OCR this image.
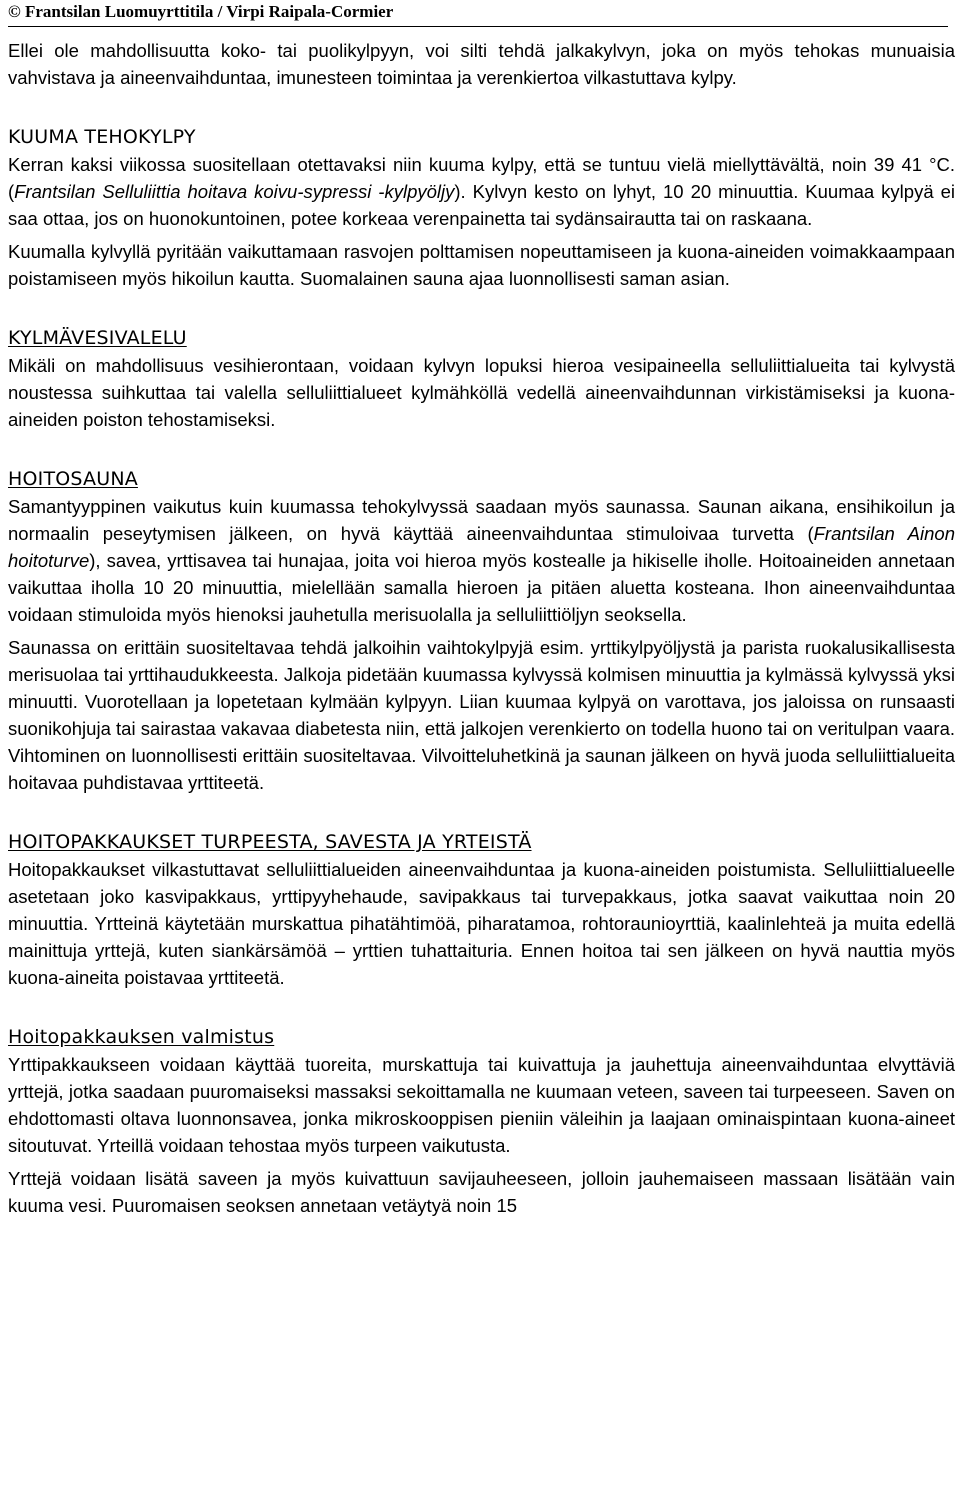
© Frantsilan Luomuyrttitila / Virpi Raipala-Cormier

Ellei ole mahdollisuutta koko- tai puolikylpyyn, voi silti tehdä jalkakylvyn, joka on myös tehokas munuaisia vahvistava ja aineenvaihduntaa, imunesteen toimintaa ja verenkiertoa vilkastuttava kylpy.

KUUMA TEHOKYLPY

Kerran kaksi viikossa suositellaan otettavaksi niin kuuma kylpy, että se tuntuu vielä miellyttävältä, noin 39 41 °C. (Frantsilan Selluliittia hoitava koivu-sypressi -kylpyöljy). Kylvyn kesto on lyhyt, 10 20 minuuttia. Kuumaa kylpyä ei saa ottaa, jos on huonokuntoinen, potee korkeaa verenpainetta tai sydänsairautta tai on raskaana.

Kuumalla kylvyllä pyritään vaikuttamaan rasvojen polttamisen nopeuttamiseen ja kuona-aineiden voimakkaampaan poistamiseen myös hikoilun kautta. Suomalainen sauna ajaa luonnollisesti saman asian.

KYLMÄVESIVALELU

Mikäli on mahdollisuus vesihierontaan, voidaan kylvyn lopuksi hieroa vesipaineella selluliittialueita tai kylvystä noustessa suihkuttaa tai valella selluliittialueet kylmähköllä vedellä aineenvaihdunnan virkistämiseksi ja kuona-aineiden poiston tehostamiseksi.

HOITOSAUNA

Samantyyppinen vaikutus kuin kuumassa tehokylvyssä saadaan myös saunassa. Saunan aikana, ensihikoilun ja normaalin peseytymisen jälkeen, on hyvä käyttää aineenvaihduntaa stimuloivaa turvetta (Frantsilan Ainon hoitoturve), savea, yrttisavea tai hunajaa, joita voi hieroa myös kostealle ja hikiselle iholle. Hoitoaineiden annetaan vaikuttaa iholla 10 20 minuuttia, mielellään samalla hieroen ja pitäen aluetta kosteana. Ihon aineenvaihduntaa voidaan stimuloida myös hienoksi jauhetulla merisuolalla ja selluliittiöljyn seoksella.

Saunassa on erittäin suositeltavaa tehdä jalkoihin vaihtokylpyjä esim. yrttikylpyöljystä ja parista ruokalusikallisesta merisuolaa tai yrttihaudukkeesta. Jalkoja pidetään kuumassa kylvyssä kolmisen minuuttia ja kylmässä kylvyssä yksi minuutti. Vuorotellaan ja lopetetaan kylmään kylpyyn. Liian kuumaa kylpyä on varottava, jos jaloissa on runsaasti suonikohjuja tai sairastaa vakavaa diabetesta niin, että jalkojen verenkierto on todella huono tai on veritulpan vaara. Vihtominen on luonnollisesti erittäin suositeltavaa. Vilvoitteluhetkinä ja saunan jälkeen on hyvä juoda selluliittialueita hoitavaa puhdistavaa yrttiteetä.

HOITOPAKKAUKSET TURPEESTA, SAVESTA JA YRTEISTÄ

Hoitopakkaukset vilkastuttavat selluliittialueiden aineenvaihduntaa ja kuona-aineiden poistumista. Selluliittialueelle asetetaan joko kasvipakkaus, yrttipyyhehaude, savipakkaus tai turvepakkaus, jotka saavat vaikuttaa noin 20 minuuttia. Yrtteinä käytetään murskattua pihatähtimöä, piharatamoa, rohtoraunioyrttiä, kaalinlehteä ja muita edellä mainittuja yrttejä, kuten siankärsämöä – yrttien tuhattaituria. Ennen hoitoa tai sen jälkeen on hyvä nauttia myös kuona-aineita poistavaa yrttiteetä.

Hoitopakkauksen valmistus

Yrttipakkaukseen voidaan käyttää tuoreita, murskattuja tai kuivattuja ja jauhettuja aineenvaihduntaa elvyttäviä yrttejä, jotka saadaan puuromaiseksi massaksi sekoittamalla ne kuumaan veteen, saveen tai turpeeseen. Saven on ehdottomasti oltava luonnonsavea, jonka mikroskooppisen pieniin väleihin ja laajaan ominaispintaan kuona-aineet sitoutuvat. Yrteillä voidaan tehostaa myös turpeen vaikutusta.

Yrttejä voidaan lisätä saveen ja myös kuivattuun savijauheeseen, jolloin jauhemaiseen massaan lisätään vain kuuma vesi. Puuromaisen seoksen annetaan vetäytyä noin 15
